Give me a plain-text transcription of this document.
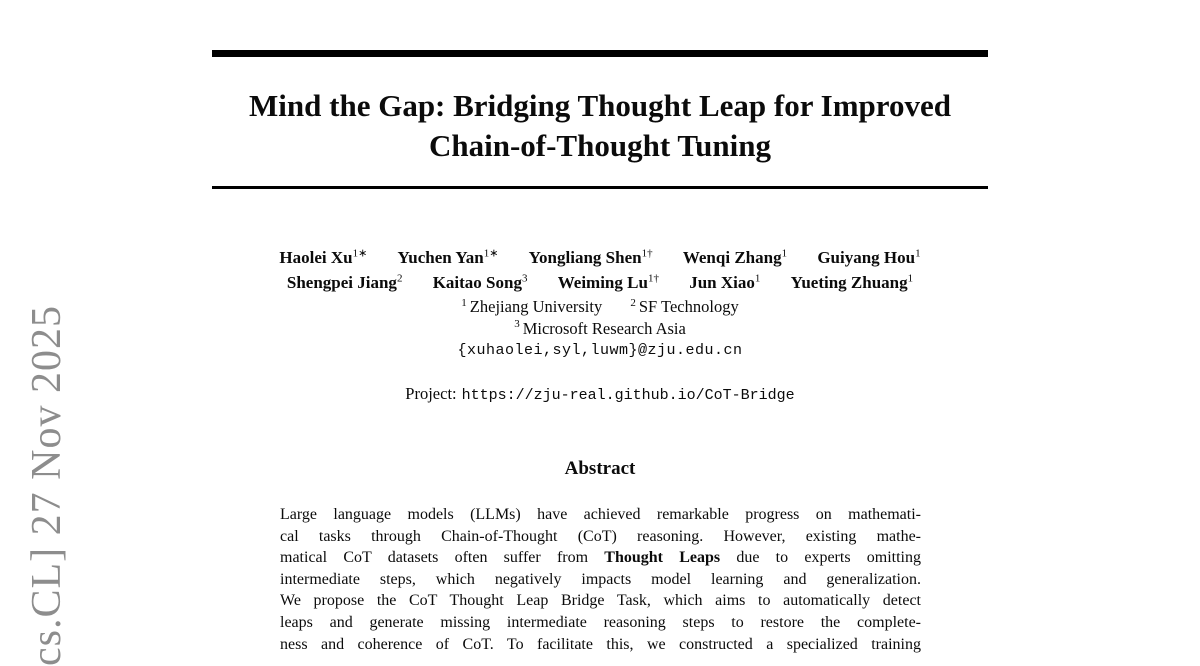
cs.CL] 27 Nov 2025
Mind the Gap: Bridging Thought Leap for Improved
Chain-of-Thought Tuning
Haolei $Xu^{1∗}$ Yuchen Yan$^{1∗}$ Yongliang Shen$^{1\dagger}$ Wenqi Zhang$^1$ Guiyang Hou$^1$
Shengpei Jiang$^2$ Kaitao Song$^3$ Weiming $Lu^{1\dagger}$ Jun Xiao$^1$ Yueting Zhuang$^1$
$^1$ Zhejiang University	$^2$ SF Technology
$^3$ Microsoft Research Asia
{xuhaolei,syl,luwm}@zju.edu.cn
Project: https://zju-real.github.io/CoT-Bridge
Abstract
Large language models (LLMs) have achieved remarkable progress on mathemati-
cal tasks through Chain-of-Thought (CoT) reasoning. However, existing mathe-
matical CoT datasets often suffer from Thought Leaps due to experts omitting
intermediate steps, which negatively impacts model learning and generalization.
We propose the CoT Thought Leap Bridge Task, which aims to automatically detect
leaps and generate missing intermediate reasoning steps to restore the complete-
ness and coherence of CoT. To facilitate this, we constructed a specialized training
